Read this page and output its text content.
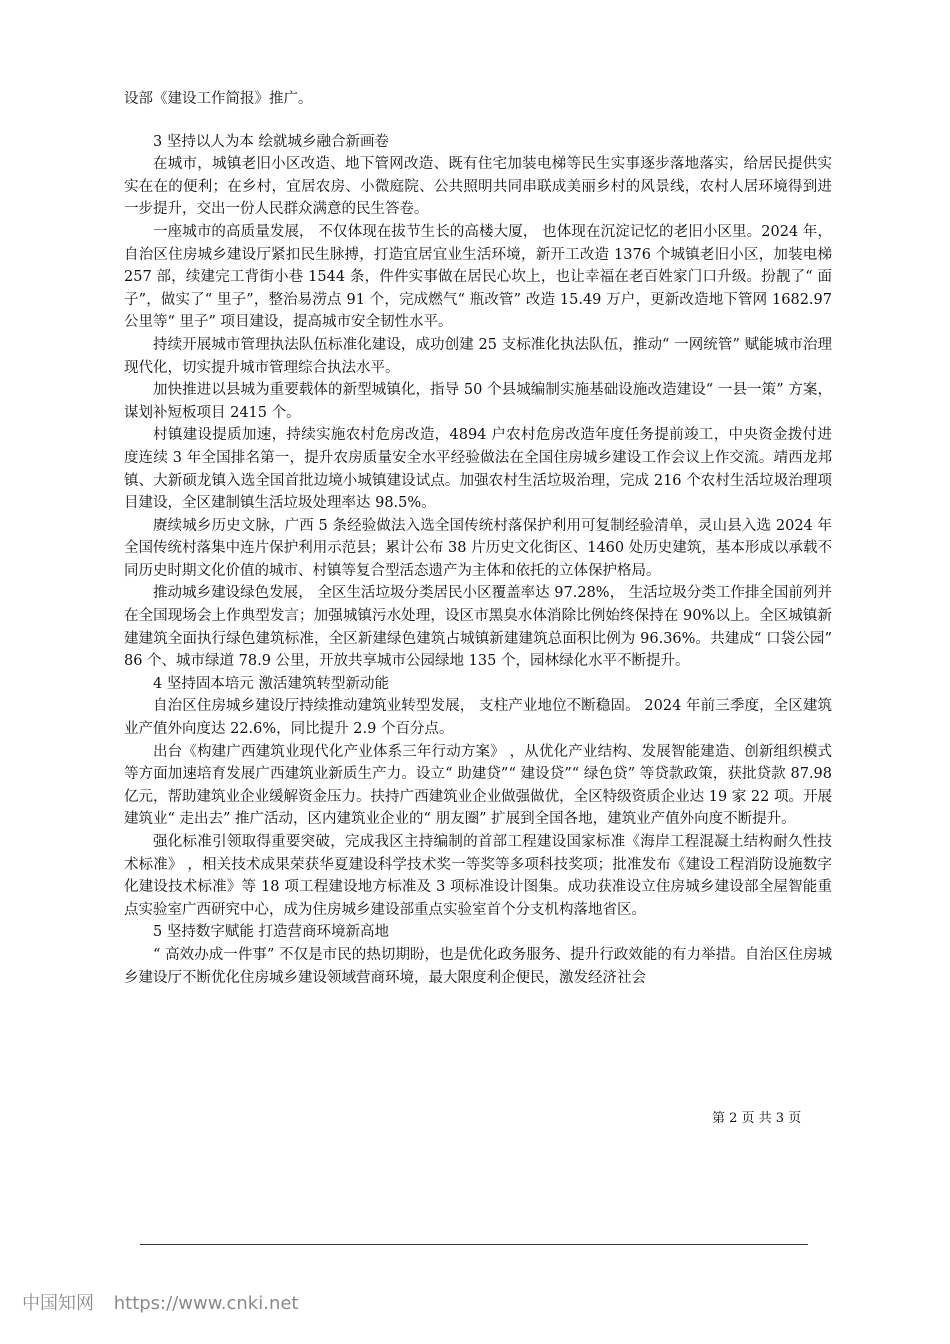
设部《建设工作简报》推广。

3 坚持以人为本 绘就城乡融合新画卷

在城市，城镇老旧小区改造、地下管网改造、既有住宅加装电梯等民生实事逐步落地落实，给居民提供实实在在的便利；在乡村，宜居农房、小微庭院、公共照明共同串联成美丽乡村的风景线，农村人居环境得到进一步提升，交出一份人民群众满意的民生答卷。

一座城市的高质量发展， 不仅体现在拔节生长的高楼大厦， 也体现在沉淀记忆的老旧小区里。2024 年，自治区住房城乡建设厅紧扣民生脉搏，打造宜居宜业生活环境，新开工改造 1376 个城镇老旧小区，加装电梯 257 部，续建完工背街小巷 1544 条，件件实事做在居民心坎上，也让幸福在老百姓家门口升级。扮靓了“ 面子”，做实了“ 里子”，整治易涝点 91 个，完成燃气“ 瓶改管” 改造 15.49 万户，更新改造地下管网 1682.97 公里等“ 里子” 项目建设，提高城市安全韧性水平。

持续开展城市管理执法队伍标准化建设，成功创建 25 支标准化执法队伍，推动“ 一网统管” 赋能城市治理现代化，切实提升城市管理综合执法水平。

加快推进以县城为重要载体的新型城镇化，指导 50 个县城编制实施基础设施改造建设“ 一县一策” 方案，谋划补短板项目 2415 个。

村镇建设提质加速，持续实施农村危房改造，4894 户农村危房改造年度任务提前竣工，中央资金拨付进度连续 3 年全国排名第一，提升农房质量安全水平经验做法在全国住房城乡建设工作会议上作交流。靖西龙邦镇、大新硕龙镇入选全国首批边境小城镇建设试点。加强农村生活垃圾治理，完成 216 个农村生活垃圾治理项目建设，全区建制镇生活垃圾处理率达 98.5%。

赓续城乡历史文脉，广西 5 条经验做法入选全国传统村落保护利用可复制经验清单，灵山县入选 2024 年全国传统村落集中连片保护利用示范县；累计公布 38 片历史文化街区、1460 处历史建筑，基本形成以承载不同历史时期文化价值的城市、村镇等复合型活态遗产为主体和依托的立体保护格局。

推动城乡建设绿色发展， 全区生活垃圾分类居民小区覆盖率达 97.28%， 生活垃圾分类工作排全国前列并在全国现场会上作典型发言；加强城镇污水处理，设区市黑臭水体消除比例始终保持在 90%以上。全区城镇新建建筑全面执行绿色建筑标准，全区新建绿色建筑占城镇新建建筑总面积比例为 96.36%。共建成“ 口袋公园” 86 个、城市绿道 78.9 公里，开放共享城市公园绿地 135 个，园林绿化水平不断提升。

4 坚持固本培元 激活建筑转型新动能

自治区住房城乡建设厅持续推动建筑业转型发展， 支柱产业地位不断稳固。 2024 年前三季度，全区建筑业产值外向度达 22.6%，同比提升 2.9 个百分点。

出台《构建广西建筑业现代化产业体系三年行动方案》 ，从优化产业结构、发展智能建造、创新组织模式等方面加速培育发展广西建筑业新质生产力。设立“ 助建贷”“ 建设贷”“ 绿色贷” 等贷款政策，获批贷款 87.98 亿元，帮助建筑业企业缓解资金压力。扶持广西建筑业企业做强做优，全区特级资质企业达 19 家 22 项。开展建筑业“ 走出去” 推广活动，区内建筑业企业的“ 朋友圈” 扩展到全国各地，建筑业产值外向度不断提升。

强化标准引领取得重要突破，完成我区主持编制的首部工程建设国家标准《海岸工程混凝土结构耐久性技术标准》 ，相关技术成果荣获华夏建设科学技术奖一等奖等多项科技奖项；批准发布《建设工程消防设施数字化建设技术标准》等 18 项工程建设地方标准及 3 项标准设计图集。成功获准设立住房城乡建设部全屋智能重点实验室广西研究中心，成为住房城乡建设部重点实验室首个分支机构落地省区。

5 坚持数字赋能 打造营商环境新高地

“ 高效办成一件事” 不仅是市民的热切期盼，也是优化政务服务、提升行政效能的有力举措。自治区住房城乡建设厅不断优化住房城乡建设领域营商环境，最大限度利企便民，激发经济社会

第 2 页 共 3 页
中国知网 https://www.cnki.net
